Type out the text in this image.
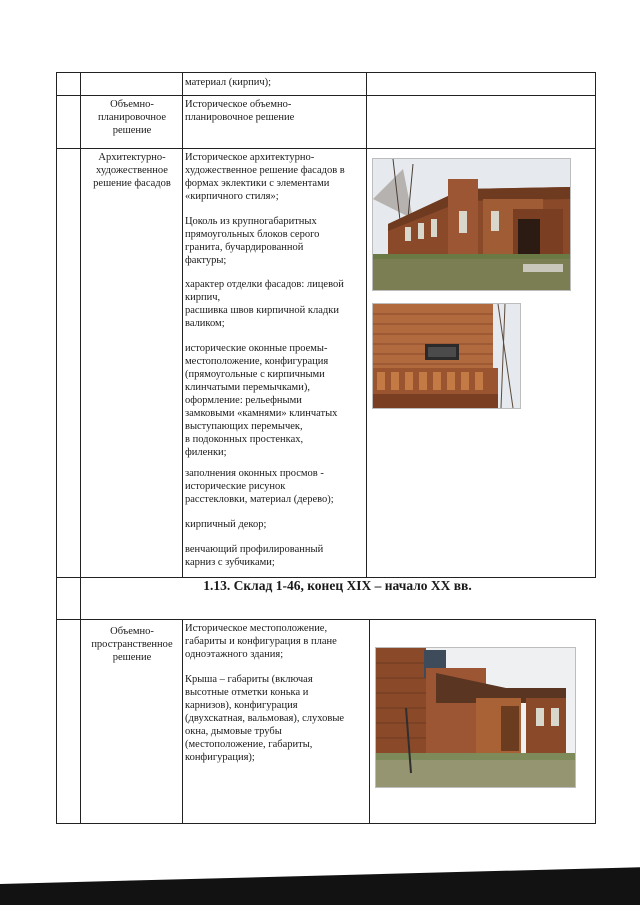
материал (кирпич);
Объемно-
планировочное
решение
Историческое объемно-
планировочное решение
Архитектурно-
художественное
решение фасадов
Историческое архитектурно-
художественное решение фасадов в
формах эклектики с элементами
«кирпичного стиля»;
Цоколь из крупногабаритных
прямоугольных блоков серого
гранита, бучардированной
фактуры;
характер отделки фасадов: лицевой
кирпич,
расшивка швов кирпичной кладки
валиком;
исторические оконные проемы-
местоположение, конфигурация
(прямоугольные с кирпичными
клинчатыми перемычками),
оформление: рельефными
замковыми «камнями» клинчатых
выступающих перемычек,
в подоконных простенках,
филенки;
заполнения оконных просмов -
исторические рисунок
расстекловки, материал (дерево);
кирпичный декор;
венчающий профилированный
карниз с зубчиками;
1.13. Склад 1-46, конец XIX – начало XX вв.
Объемно-
пространственное
решение
Историческое местоположение,
габариты и конфигурация в плане
одноэтажного здания;
Крыша – габариты (включая
высотные отметки конька и
карнизов), конфигурация
(двухскатная, вальмовая), слуховые
окна, дымовые трубы
(местоположение, габариты,
конфигурация);
